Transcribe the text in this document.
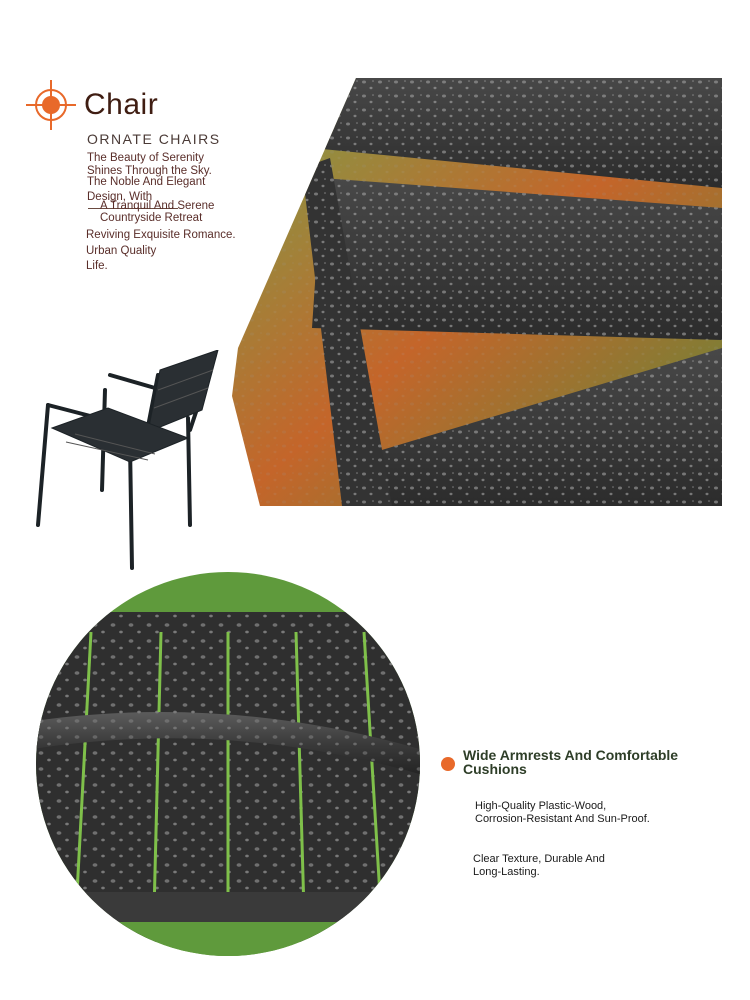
Chair

ORNATE CHAIRS

The Beauty of Serenity

Shines Through the Sky.

The Noble And Elegant

Design, With

A Tranquil And Serene

Countryside Retreat

Reviving Exquisite Romance.

Urban Quality

Life.

Wide Armrests And Comfortable
Cushions

High-Quality Plastic-Wood,
Corrosion-Resistant And Sun-Proof.

Clear Texture, Durable And
Long-Lasting.
